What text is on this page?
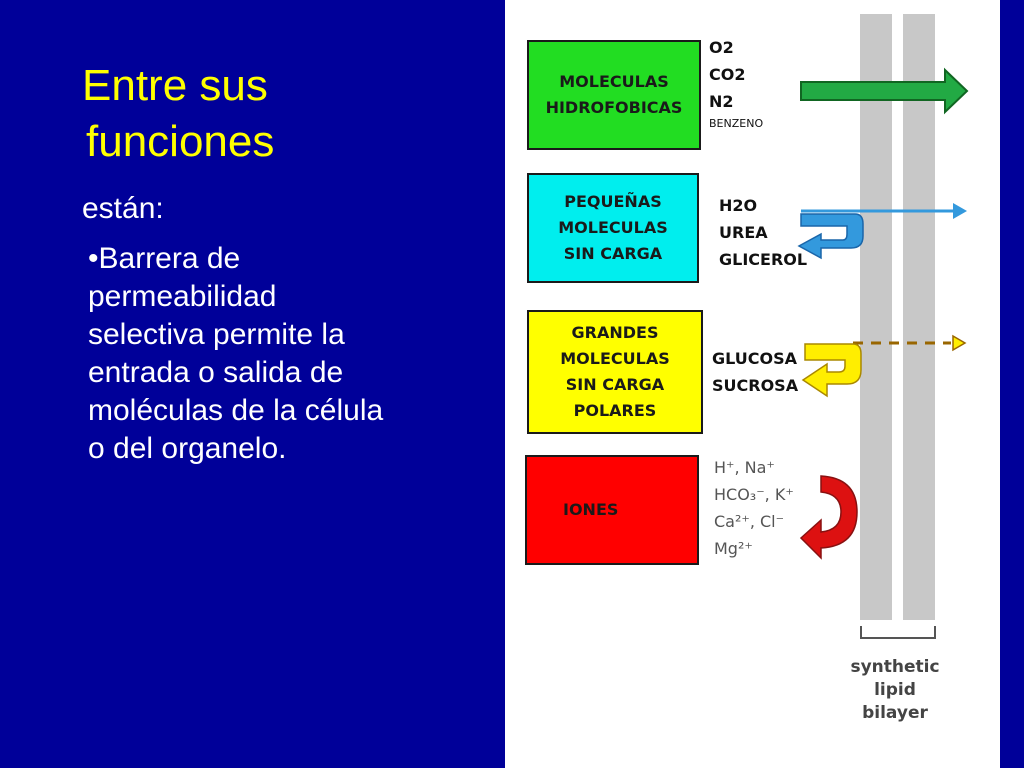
Entre sus
funciones

están:

•Barrera de
permeabilidad
selectiva permite la
entrada o salida de
moléculas de la célula
o del organelo.

MOLECULAS
HIDROFOBICAS
PEQUEÑAS
MOLECULAS
SIN CARGA
GRANDES
MOLECULAS
SIN CARGA
POLARES
IONES
O2
CO2
N2
BENZENO
H2O
UREA
GLICEROL
GLUCOSA
SUCROSA
H⁺, Na⁺
HCO₃⁻, K⁺
Ca²⁺, Cl⁻
Mg²⁺
synthetic
lipid
bilayer
